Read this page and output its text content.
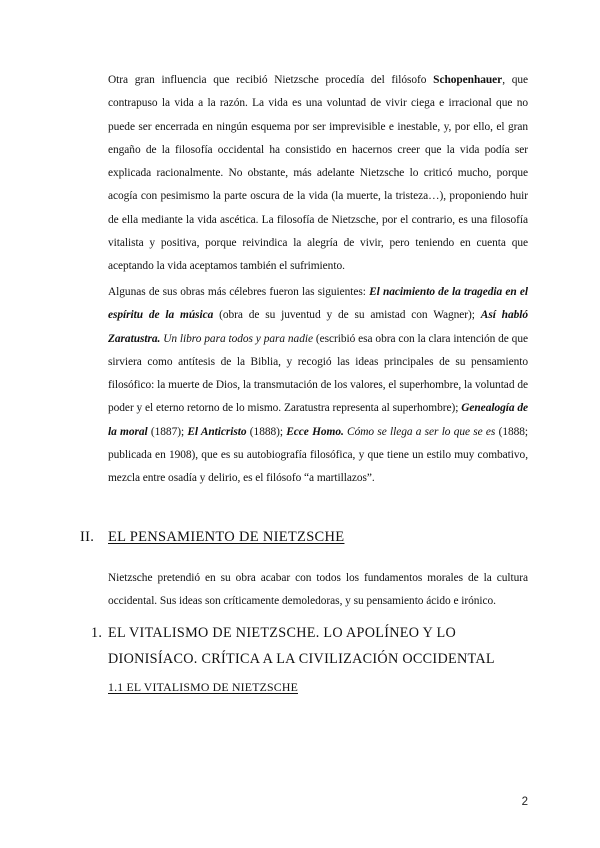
Otra gran influencia que recibió Nietzsche procedía del filósofo Schopenhauer, que contrapuso la vida a la razón. La vida es una voluntad de vivir ciega e irracional que no puede ser encerrada en ningún esquema por ser imprevisible e inestable, y, por ello, el gran engaño de la filosofía occidental ha consistido en hacernos creer que la vida podía ser explicada racionalmente. No obstante, más adelante Nietzsche lo criticó mucho, porque acogía con pesimismo la parte oscura de la vida (la muerte, la tristeza…), proponiendo huir de ella mediante la vida ascética. La filosofía de Nietzsche, por el contrario, es una filosofía vitalista y positiva, porque reivindica la alegría de vivir, pero teniendo en cuenta que aceptando la vida aceptamos también el sufrimiento.

Algunas de sus obras más célebres fueron las siguientes: El nacimiento de la tragedia en el espíritu de la música (obra de su juventud y de su amistad con Wagner); Así habló Zaratustra. Un libro para todos y para nadie (escribió esa obra con la clara intención de que sirviera como antítesis de la Biblia, y recogió las ideas principales de su pensamiento filosófico: la muerte de Dios, la transmutación de los valores, el superhombre, la voluntad de poder y el eterno retorno de lo mismo. Zaratustra representa al superhombre); Genealogía de la moral (1887); El Anticristo (1888); Ecce Homo. Cómo se llega a ser lo que se es (1888; publicada en 1908), que es su autobiografía filosófica, y que tiene un estilo muy combativo, mezcla entre osadía y delirio, es el filósofo “a martillazos”.

II. EL PENSAMIENTO DE NIETZSCHE

Nietzsche pretendió en su obra acabar con todos los fundamentos morales de la cultura occidental. Sus ideas son críticamente demoledoras, y su pensamiento ácido e irónico.

1. EL VITALISMO DE NIETZSCHE. LO APOLÍNEO Y LO DIONISÍACO. CRÍTICA A LA CIVILIZACIÓN OCCIDENTAL
1.1 EL VITALISMO DE NIETZSCHE
2
